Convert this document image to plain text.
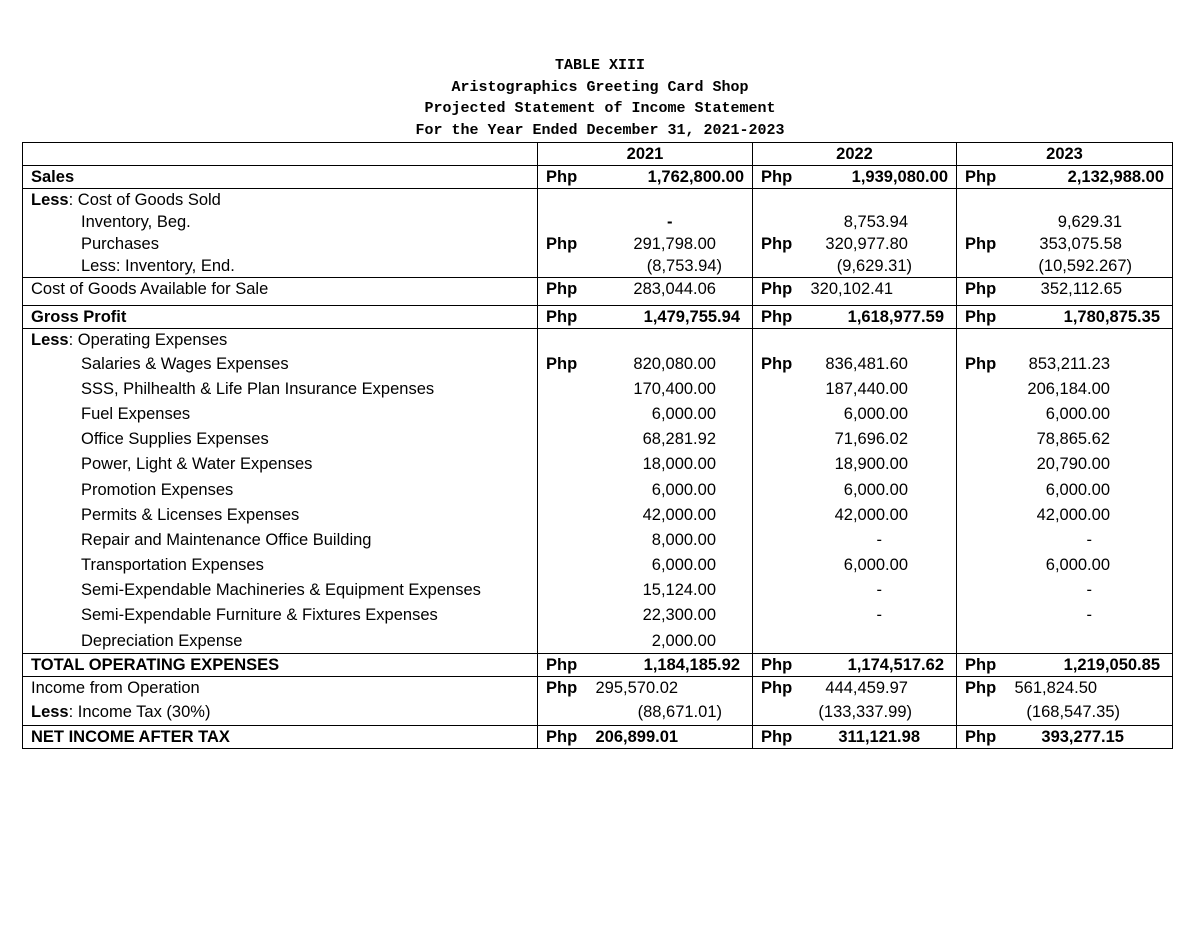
TABLE XIII
Aristographics Greeting Card Shop
Projected Statement of Income Statement
For the Year Ended December 31, 2021-2023
	2021		2022		2023	
Sales	Php	1,762,800.00	Php	1,939,080.00	Php	2,132,988.00
Less: Cost of Goods Sold						
Inventory, Beg.		-		8,753.94		9,629.31
Purchases	Php	291,798.00	Php	320,977.80	Php	353,075.58
Less: Inventory, End.		(8,753.94)		(9,629.31)		(10,592.267)
Cost of Goods Available for Sale	Php	283,044.06	Php	320,102.41	Php	352,112.65
Gross Profit	Php	1,479,755.94	Php	1,618,977.59	Php	1,780,875.35
Less: Operating Expenses						
Salaries & Wages Expenses	Php	820,080.00	Php	836,481.60	Php	853,211.23
SSS, Philhealth & Life Plan Insurance Expenses		170,400.00		187,440.00		206,184.00
Fuel Expenses		6,000.00		6,000.00		6,000.00
Office Supplies Expenses		68,281.92		71,696.02		78,865.62
Power, Light & Water Expenses		18,000.00		18,900.00		20,790.00
Promotion Expenses		6,000.00		6,000.00		6,000.00
Permits & Licenses Expenses		42,000.00		42,000.00		42,000.00
Repair and Maintenance Office Building		8,000.00		-		-
Transportation Expenses		6,000.00		6,000.00		6,000.00
Semi-Expendable Machineries & Equipment Expenses		15,124.00		-		-
Semi-Expendable Furniture & Fixtures Expenses		22,300.00		-		-
Depreciation Expense		2,000.00				
TOTAL OPERATING EXPENSES	Php	1,184,185.92	Php	1,174,517.62	Php	1,219,050.85
Income from Operation	Php	295,570.02	Php	444,459.97	Php	561,824.50
Less: Income Tax (30%)		(88,671.01)		(133,337.99)		(168,547.35)
NET INCOME AFTER TAX	Php	206,899.01	Php	311,121.98	Php	393,277.15
